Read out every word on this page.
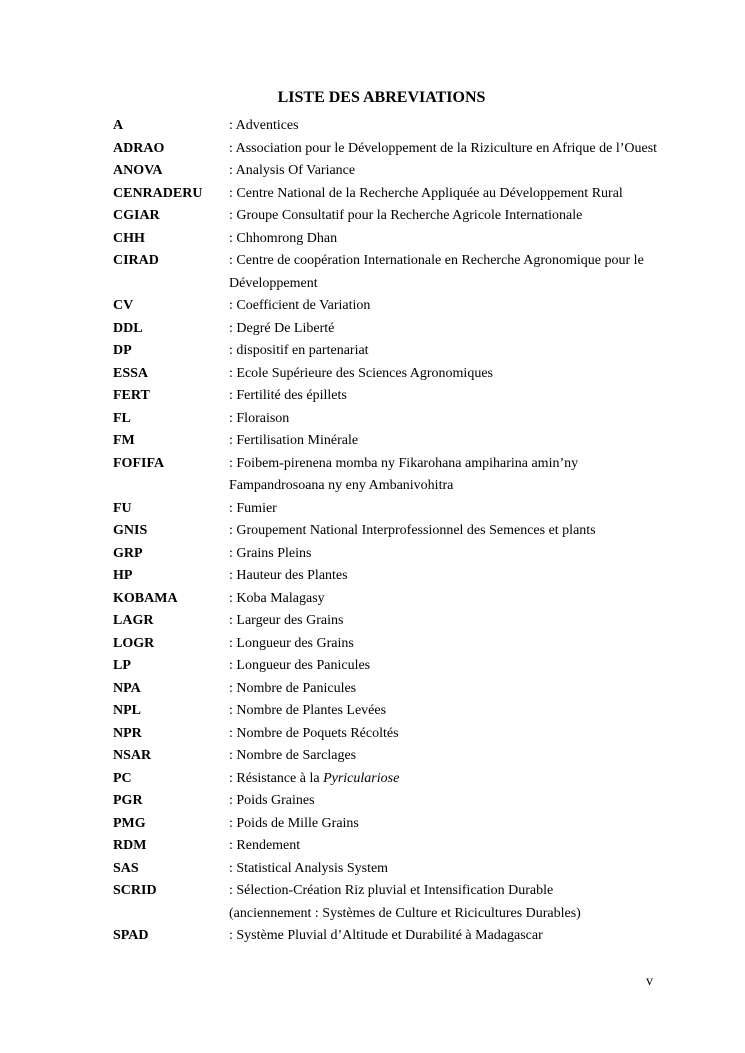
LISTE DES ABREVIATIONS
A	: Adventices
ADRAO	: Association pour le Développement de la Riziculture en Afrique de l’Ouest
ANOVA	: Analysis Of Variance
CENRADERU	: Centre National de la Recherche Appliquée au Développement Rural
CGIAR	: Groupe Consultatif pour la Recherche Agricole Internationale
CHH	: Chhomrong Dhan
CIRAD	: Centre de coopération Internationale en Recherche Agronomique pour le
Développement
CV	: Coefficient de Variation
DDL	: Degré De Liberté
DP	: dispositif en partenariat
ESSA	: Ecole Supérieure des Sciences Agronomiques
FERT	: Fertilité des épillets
FL	: Floraison
FM	: Fertilisation Minérale
FOFIFA	: Foibem-pirenena momba ny Fikarohana ampiharina amin’ny
Fampandrosoana ny eny Ambanivohitra
FU	: Fumier
GNIS	: Groupement National Interprofessionnel des Semences et plants
GRP	: Grains Pleins
HP	: Hauteur des Plantes
KOBAMA	: Koba Malagasy
LAGR	: Largeur des Grains
LOGR	: Longueur des Grains
LP	: Longueur des Panicules
NPA	: Nombre de Panicules
NPL	: Nombre de Plantes Levées
NPR	: Nombre de Poquets Récoltés
NSAR	: Nombre de Sarclages
PC	: Résistance à la Pyriculariose
PGR	: Poids Graines
PMG	: Poids de Mille Grains
RDM	: Rendement
SAS	: Statistical Analysis System
SCRID	: Sélection-Création Riz pluvial et Intensification Durable
(anciennement : Systèmes de Culture et Ricicultures Durables)
SPAD	: Système Pluvial d’Altitude et Durabilité à Madagascar
v
